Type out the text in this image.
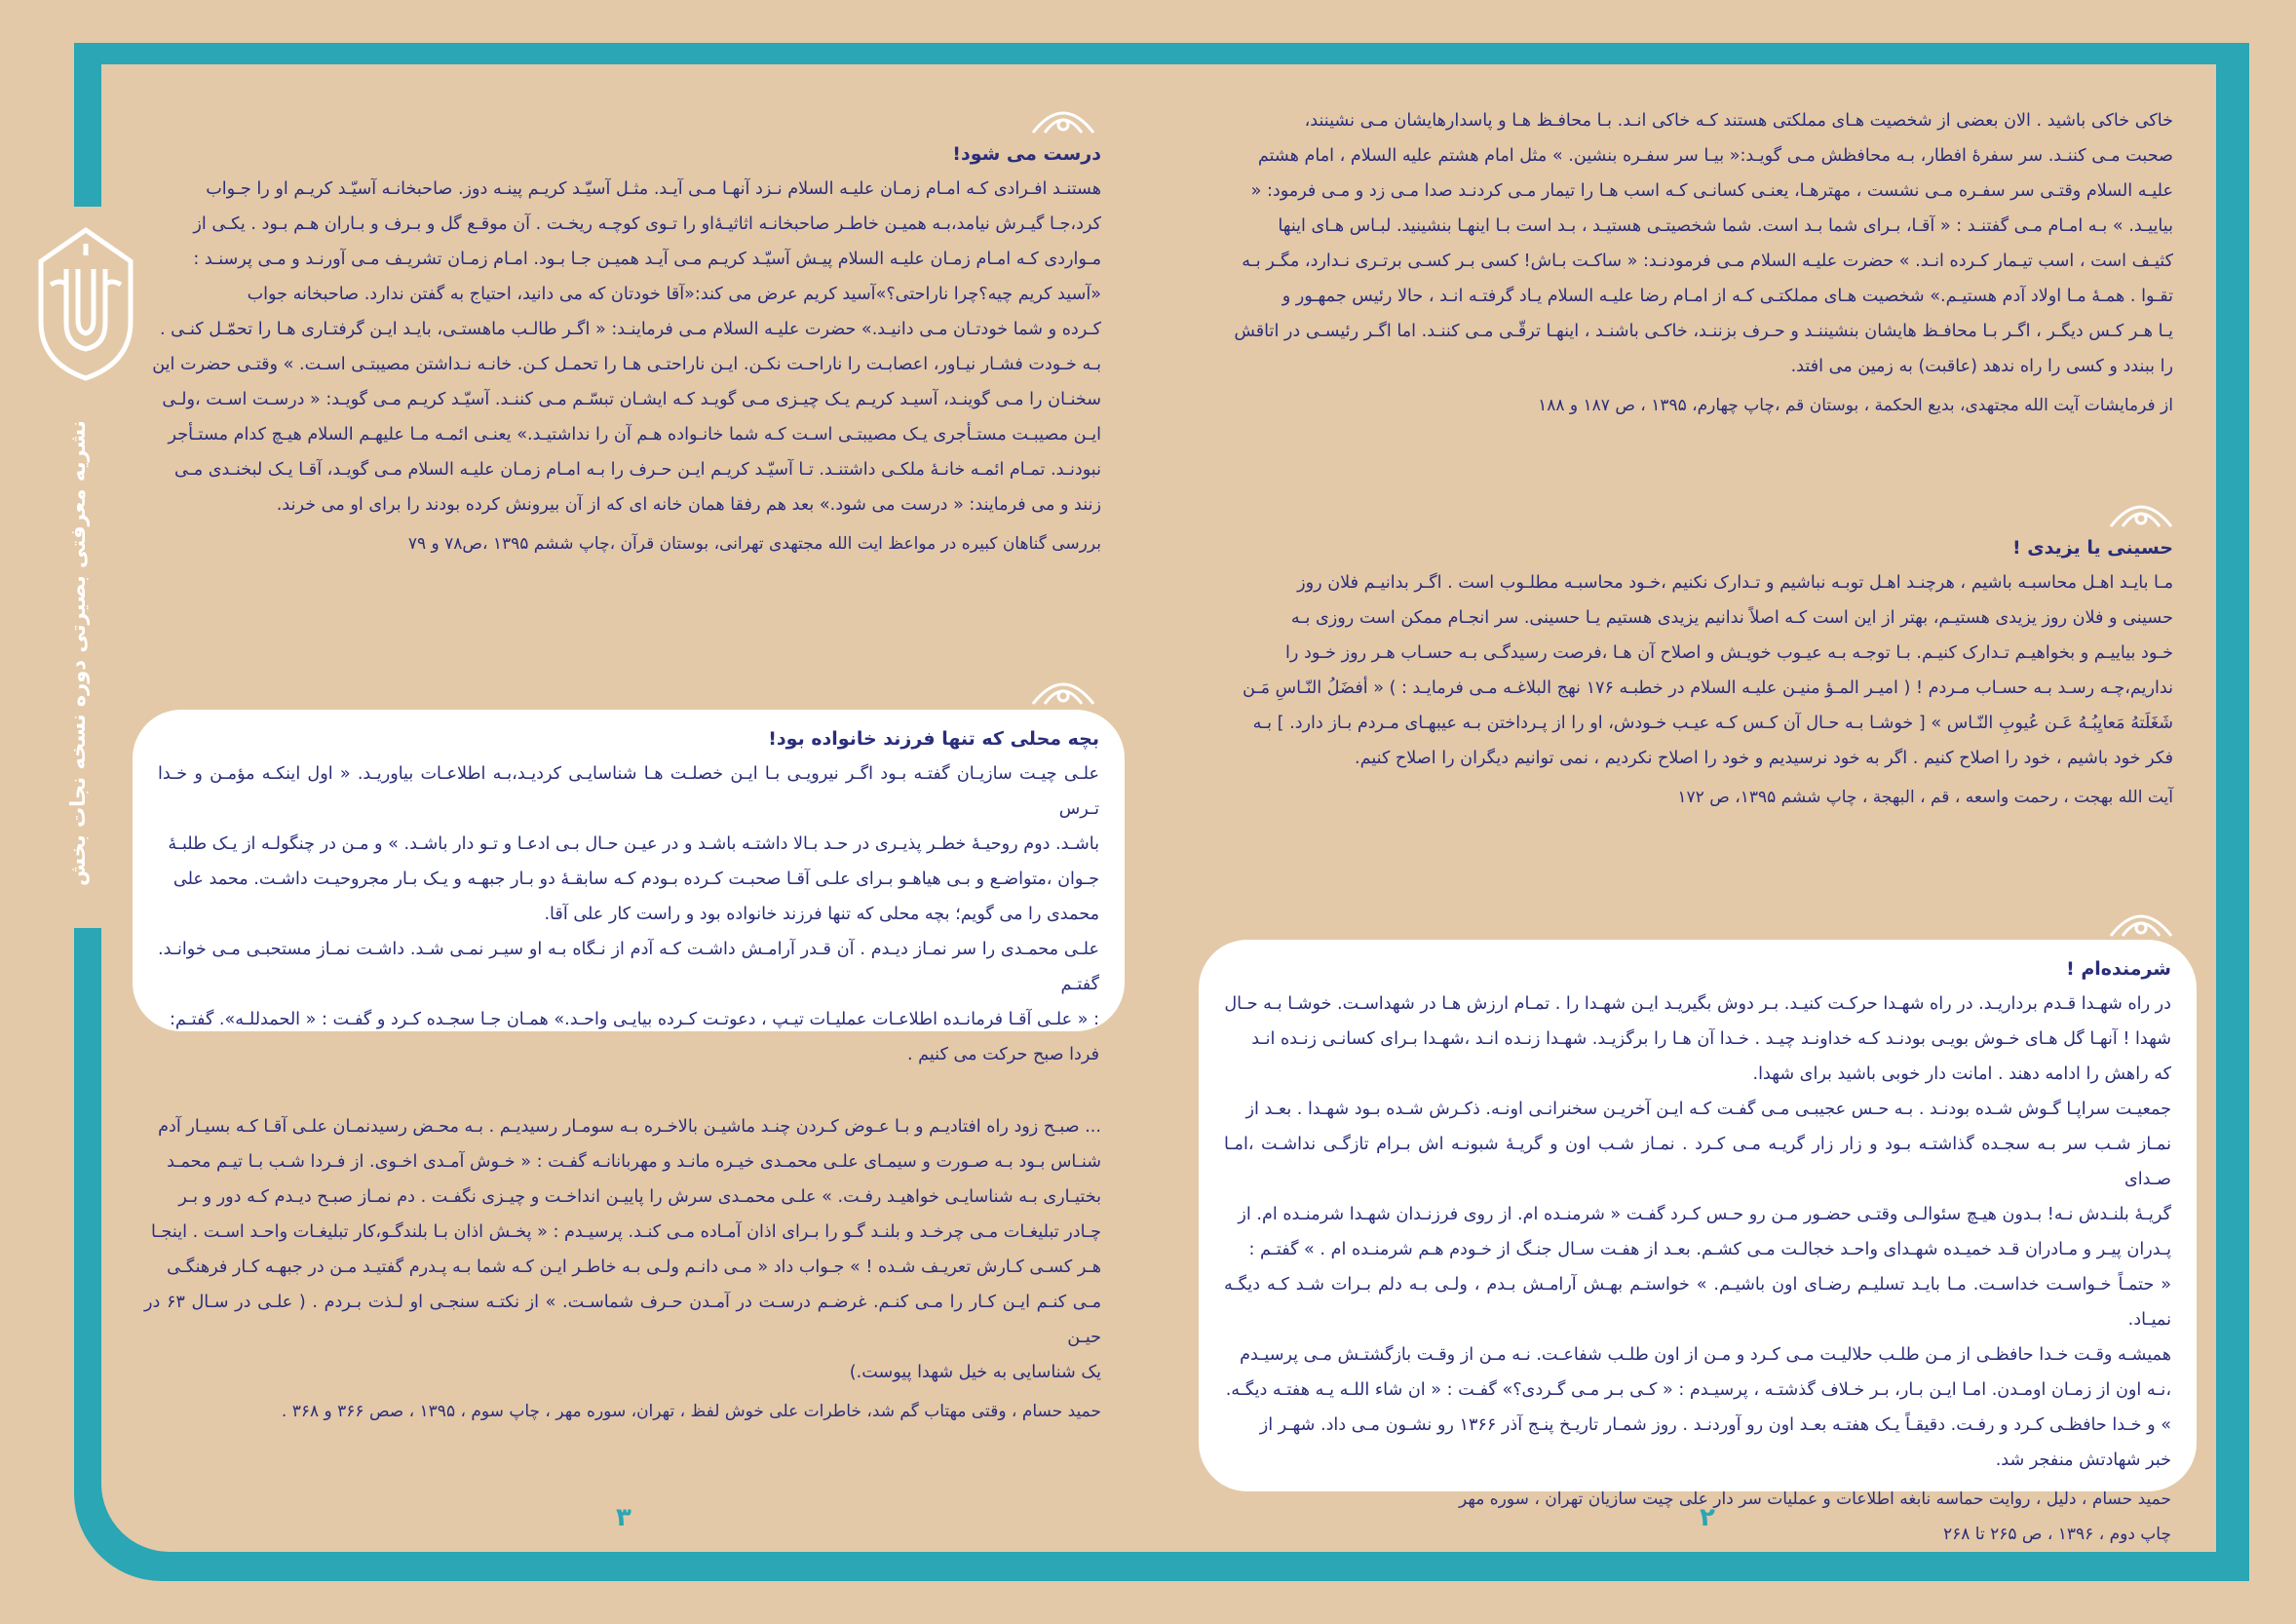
نشریه معرفتی بصیرتی دوره نسخه نجات بخش

خاکی خاکی باشید . الان بعضی از شخصیت هـای مملکتی هستند کـه خاکی انـد. بـا محافـظ هـا و پاسدارهایشان مـی نشینند،

صحبت مـی کننـد. سر سفرۀ افطار، بـه محافظش مـی گویـد:« بیـا سر سفـره بنشین. » مثل امام هشتم علیه السلام ، امام هشتم

علیـه السلام وقتـی سر سفـره مـی نشست ، مهترهـا، یعنـی کسانـی کـه اسب هـا را تیمار مـی کردنـد صدا مـی زد و مـی فرمود: «

بیاییـد. » بـه امـام مـی گفتنـد : « آقـا، بـرای شما بـد است. شما شخصیتـی هستیـد ، بـد است بـا اینهـا بنشینید. لبـاس هـای اینها

کثیـف است ، اسب تیـمار کـرده انـد. » حضرت علیـه السلام مـی فرمودنـد: « ساکـت بـاش! کسی بـر کسـی برتـری نـدارد، مگـر بـه

تقـوا . همـۀ مـا اولاد آدم هستیـم.» شخصیت هـای مملکتـی کـه از امـام رضا علیـه السلام یـاد گرفتـه انـد ، حالا رئیس جمهـور و

یـا هـر کـس دیگـر ، اگـر بـا محافـظ هایشان بنشیننـد و حـرف بزننـد، خاکـی باشنـد ، اینهـا ترقّـی مـی کننـد. اما اگـر رئیسـی در اتاقش

را ببندد و کسی را راه ندهد (عاقبت) به زمین می افتد.

از فرمایشات آیت الله مجتهدی، بدیع الحکمة ، بوستان قم ،چاپ چهارم، ۱۳۹۵ ، ص ۱۸۷ و ۱۸۸

حسینی یا یزیدی !

مـا بایـد اهـل محاسبـه باشیم ، هرچنـد اهـل توبـه نباشیم و تـدارک نکنیم ،خـود محاسبـه مطلـوب است . اگـر بدانیـم فلان روز

حسینی و فلان روز یزیدی هستیـم، بهتر از این است کـه اصلاً ندانیم یزیدی هستیم یـا حسینی. سر انجـام ممکن است روزی بـه

خـود بیاییـم و بخواهیـم تـدارک کنیـم. بـا توجـه بـه عیـوب خویـش و اصلاح آن هـا ،فرصت رسیدگـی بـه حسـاب هـر روز خـود را

نداریم،چـه رسـد بـه حسـاب مـردم ! ( امیـر المـؤ منیـن علیـه السلام در خطبـه ۱۷۶ نهج البلاغـه مـی فرمایـد : ) « أفضَلُ النّـاسِ مَـن

شَغَلَتهُ مَعايِبُـهُ عَـن عُيوبِ النّـاس » [ خوشـا بـه حـال آن کـس کـه عیـب خـودش، او را از پـرداختن بـه عیبهـای مـردم بـاز دارد. ] بـه

فکر خود باشیم ، خود را اصلاح کنیم . اگر به خود نرسیدیم و خود را اصلاح نکردیم ، نمی توانیم دیگران را اصلاح کنیم.

آیت الله بهجت ، رحمت واسعه ، قم ، البهجة ، چاپ ششم ۱۳۹۵، ص ۱۷۲

شرمنده‌ام !

در راه شهـدا قـدم برداریـد. در راه شهـدا حرکـت کنیـد. بـر دوش بگیریـد ایـن شهـدا را . تمـام ارزش هـا در شهداسـت. خوشـا بـه حـال

شهدا ! آنهـا گل هـای خـوش بویـی بودنـد کـه خداونـد چیـد . خـدا آن هـا را برگزیـد. شهـدا زنـده انـد ،شهـدا بـرای کسانـی زنـده انـد

که راهش را ادامه دهند . امانت دار خوبی باشید برای شهدا.

جمعیـت سراپـا گـوش شـده بودنـد . بـه حـس عجیبـی مـی گفـت کـه ایـن آخریـن سخنرانـی اونـه. ذکـرش شـده بـود شهـدا . بعـد از

نمـاز شـب سر بـه سجـده گذاشتـه بـود و زار زار گریـه مـی کـرد . نمـاز شـب اون و گریـۀ شبونـه اش بـرام تازگـی نداشـت ،امـا صـدای

گریـۀ بلنـدش نـه! بـدون هیـچ سئوالـی وقتـی حضـور مـن رو حـس کـرد گفـت « شرمنـده ام. از روی فرزنـدان شهـدا شرمنـده ام. از

پـدران پیـر و مـادران قـد خمیـده شهـدای واحـد خجالـت مـی کشـم. بعـد از هفـت سـال جنـگ از خـودم هـم شرمنـده ام . » گفتـم :

« حتمـاً خـواسـت خداسـت. مـا بایـد تسلیـم رضـای اون باشیـم. » خواستـم بهـش آرامـش بـدم ، ولـی بـه دلم بـرات شـد کـه دیگـه نمیـاد.

همیشـه وقـت خـدا حافظـی از مـن طلـب حلالیـت مـی کـرد و مـن از اون طلـب شفاعـت. نـه مـن از وقـت بازگشتـش مـی پرسیـدم

،نـه اون از زمـان اومـدن. امـا ایـن بـار، بـر خـلاف گذشتـه ، پرسیـدم : « کـی بـر مـی گـردی؟» گفـت : « ان شاء اللـه یـه هفتـه دیگـه.

» و خـدا حافظـی کـرد و رفـت. دقیقـاً یـک هفتـه بعـد اون رو آوردنـد . روز شمـار تاریـخ پنـج آذر ۱۳۶۶ رو نشـون مـی داد. شهـر از

خبر شهادتش منفجر شد.

حمید حسام ، دلیل ، روایت حماسه نابغه اطلاعات و عملیات سر دار علی چیت سازیان تهران ، سوره مهر

چاپ دوم ، ۱۳۹۶ ، ص ۲۶۵ تا ۲۶۸

۲

درست می شود!

هستنـد افـرادی کـه امـام زمـان علیـه السلام نـزد آنهـا مـی آیـد. مثـل آسیّـد کریـم پینـه دوز. صاحبخانـه آسیّـد کریـم او را جـواب

کرد،جـا گیـرش نیامد،بـه همیـن خاطـر صاحبخانـه اثاثیـۀاو را تـوی کوچـه ریخـت . آن موقـع گل و بـرف و بـاران هـم بـود . یکـی از

مـواردی کـه امـام زمـان علیـه السلام پیـش آسیّـد کریـم مـی آیـد همیـن جـا بـود. امـام زمـان تشریـف مـی آورنـد و مـی پرسنـد :

«آسید کریم چیه؟چرا ناراحتی؟»آسید کریم عرض می کند:«آقا خودتان که می دانید، احتیاج به گفتن ندارد. صاحبخانه جواب

کـرده و شما خودتـان مـی دانیـد.» حضرت علیـه السلام مـی فرماینـد: « اگـر طالـب ماهستـی، بایـد ایـن گرفتـاری هـا را تحمّـل کنـی .

بـه خـودت فشـار نیـاور، اعصابـت را ناراحـت نکـن. ایـن ناراحتـی هـا را تحمـل کـن. خانـه نـداشتن مصیبتـی اسـت. » وقتـی حضرت این

سخنـان را مـی گوینـد، آسیـد کریـم یـک چیـزی مـی گویـد کـه ایشـان تبسّـم مـی کننـد. آسیّـد کریـم مـی گویـد: « درسـت اسـت ،ولـی

ایـن مصیبـت مستـأجری یـک مصیبتـی اسـت کـه شما خانـواده هـم آن را نداشتیـد.» یعنـی ائمـه مـا علیهـم السلام هیـچ کدام مستـأجر

نبودنـد. تمـام ائمـه خانـۀ ملکـی داشتنـد. تـا آسیّـد کریـم ایـن حـرف را بـه امـام زمـان علیـه السلام مـی گویـد، آقـا یـک لبخنـدی مـی

زنند و می فرمایند: « درست می شود.» بعد هم رفقا همان خانه ای که از آن بیرونش کرده بودند را برای او می خرند.

بررسی گناهان کبیره در مواعظ ایت الله مجتهدی تهرانی، بوستان قرآن ،چاپ ششم ۱۳۹۵ ،ص۷۸ و ۷۹

بچه محلی که تنها فرزند خانواده بود!

علـی چیـت سازیـان گفتـه بـود اگـر نیرویـی بـا ایـن خصلـت هـا شناسایـی کردیـد،بـه اطلاعـات بیاوریـد. « اول اینکـه مؤمـن و خـدا تـرس

باشـد. دوم روحیـۀ خطـر پذیـری در حـد بـالا داشتـه باشـد و در عیـن حـال بـی ادعـا و تـو دار باشـد. » و مـن در چنگولـه از یـک طلبـۀ

جـوان ،متواضـع و بـی هیاهـو بـرای علـی آقـا صحبـت کـرده بـودم کـه سابقـۀ دو بـار جبهـه و یـک بـار مجروحیـت داشـت. محمد علی

محمدی را می گویم؛ بچه محلی که تنها فرزند خانواده بود و راست کار علی آقا.

علـی محمـدی را سر نمـاز دیـدم . آن قـدر آرامـش داشـت کـه آدم از نـگاه بـه او سیـر نمـی شـد. داشـت نمـاز مستحبـی مـی خوانـد. گفتـم

: « علـی آقـا فرمانـده اطلاعـات عملیـات تیـپ ، دعوتـت کـرده بیایـی واحـد.» همـان جـا سجـده کـرد و گفـت : « الحمدللـه». گفتـم:

فردا صبح حرکت می کنیم .

... صبـح زود راه افتادیـم و بـا عـوض کـردن چنـد ماشیـن بالاخـره بـه سومـار رسیدیـم . بـه محـض رسیدنمـان علـی آقـا کـه بسیـار آدم

شنـاس بـود بـه صـورت و سیمـای علـی محمـدی خیـره مانـد و مهربانانـه گفـت : « خـوش آمـدی اخـوی. از فـردا شـب بـا تیـم محمـد

بختیـاری بـه شناسایـی خواهیـد رفـت. » علـی محمـدی سرش را پاییـن انداخـت و چیـزی نگفـت . دم نمـاز صبـح دیـدم کـه دور و بـر

چـادر تبلیغـات مـی چرخـد و بلنـد گـو را بـرای اذان آمـاده مـی کنـد. پرسیـدم : « پخـش اذان بـا بلندگـو،کار تبلیغـات واحـد اسـت . اینجـا

هـر کسـی کـارش تعریـف شـده ! » جـواب داد « مـی دانـم ولـی بـه خاطـر ایـن کـه شما بـه پـدرم گفتیـد مـن در جبهـه کـار فرهنگـی

مـی کنـم ایـن کـار را مـی کنـم. غرضـم درسـت در آمـدن حـرف شماسـت. » از نکتـه سنجـی او لـذت بـردم . ( علـی در سـال ۶۳ در حیـن

یک شناسایی به خیل شهدا پیوست.)

حمید حسام ، وقتی مهتاب گم شد، خاطرات علی خوش لفظ ، تهران، سوره مهر ، چاپ سوم ، ۱۳۹۵ ، صص ۳۶۶ و ۳۶۸ .

۳
